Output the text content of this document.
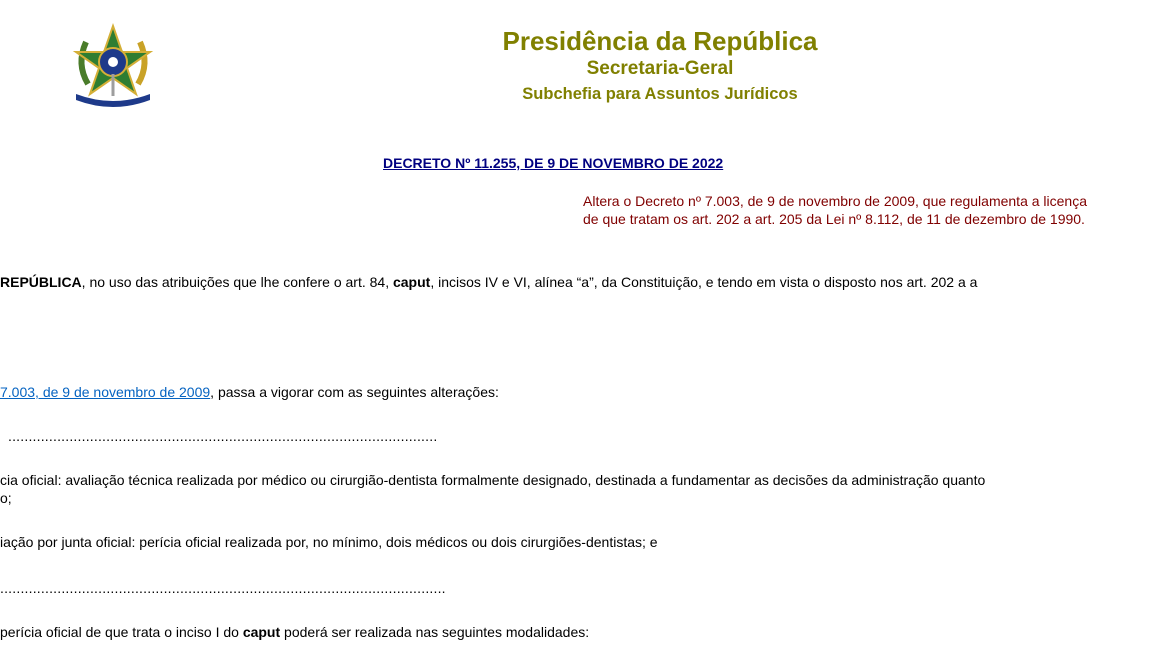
Presidência da República
Secretaria-Geral
Subchefia para Assuntos Jurídicos
DECRETO Nº 11.255, DE 9 DE NOVEMBRO DE 2022
Altera o Decreto nº 7.003, de 9 de novembro de 2009, que regulamenta a licença
de que tratam os art. 202 a art. 205 da Lei nº 8.112, de 11 de dezembro de 1990.
REPÚBLICA, no uso das atribuições que lhe confere o art. 84, caput, incisos IV e VI, alínea “a”, da Constituição, e tendo em vista o disposto nos art. 202 a a
7.003, de 9 de novembro de 2009, passa a vigorar com as seguintes alterações:
.........................................................................................................
cia oficial: avaliação técnica realizada por médico ou cirurgião-dentista formalmente designado, destinada a fundamentar as decisões da administração quanto
o;
iação por junta oficial: perícia oficial realizada por, no mínimo, dois médicos ou dois cirurgiões-dentistas; e
.............................................................................................................
perícia oficial de que trata o inciso I do caput poderá ser realizada nas seguintes modalidades:
